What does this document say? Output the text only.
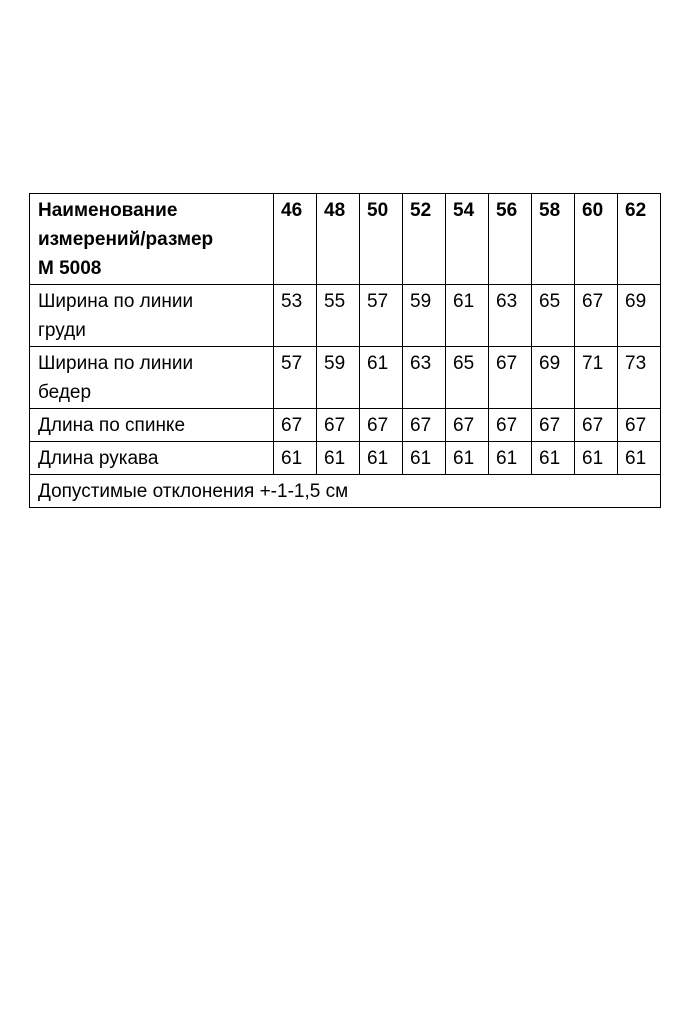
Наименование
измерений/размер
М 5008	46	48	50	52	54	56	58	60	62

Ширина по линии
груди	53	55	57	59	61	63	65	67	69

Ширина по линии
бедер	57	59	61	63	65	67	69	71	73

Длина по спинке	67	67	67	67	67	67	67	67	67

Длина рукава	61	61	61	61	61	61	61	61	61
Допустимые отклонения +-1-1,5 см									
